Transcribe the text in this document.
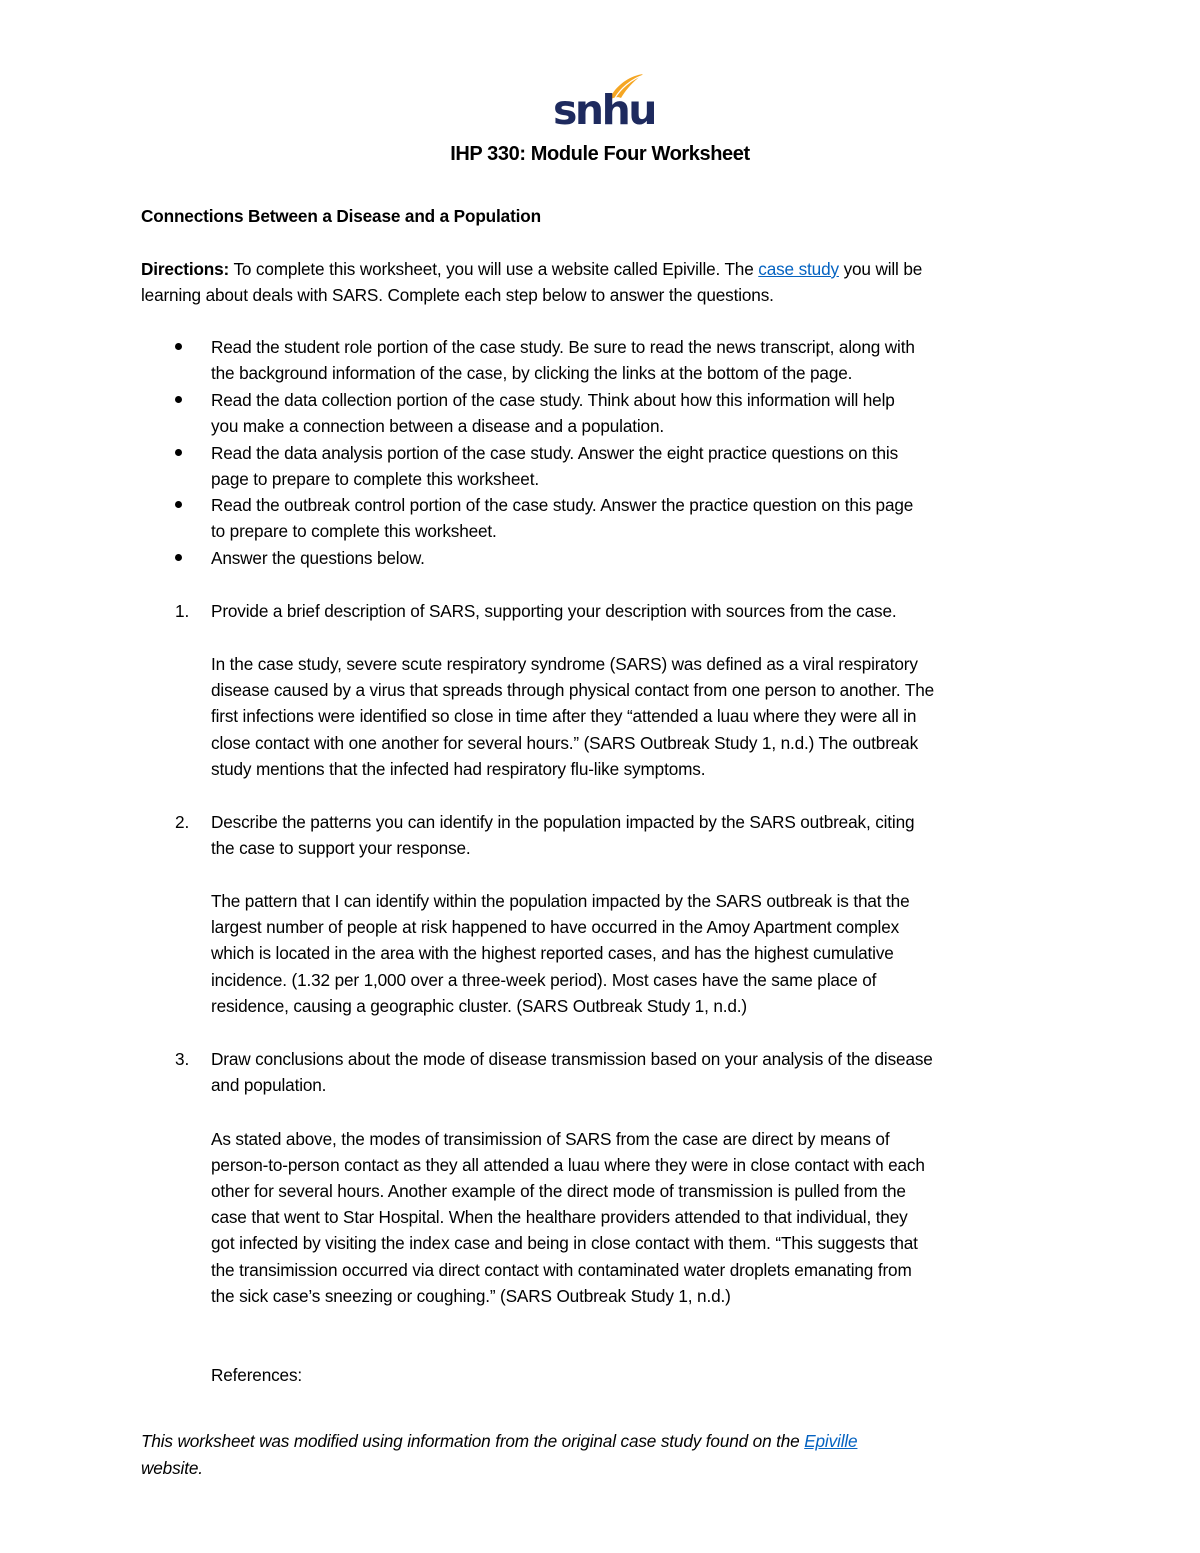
snhu
IHP 330: Module Four Worksheet
Connections Between a Disease and a Population
Directions: To complete this worksheet, you will use a website called Epiville. The case study you will be
learning about deals with SARS. Complete each step below to answer the questions.
Read the student role portion of the case study. Be sure to read the news transcript, along with
the background information of the case, by clicking the links at the bottom of the page.
Read the data collection portion of the case study. Think about how this information will help
you make a connection between a disease and a population.
Read the data analysis portion of the case study. Answer the eight practice questions on this
page to prepare to complete this worksheet.
Read the outbreak control portion of the case study. Answer the practice question on this page
to prepare to complete this worksheet.
Answer the questions below.
1. Provide a brief description of SARS, supporting your description with sources from the case.
In the case study, severe scute respiratory syndrome (SARS) was defined as a viral respiratory
disease caused by a virus that spreads through physical contact from one person to another. The
first infections were identified so close in time after they “attended a luau where they were all in
close contact with one another for several hours.” (SARS Outbreak Study 1, n.d.) The outbreak
study mentions that the infected had respiratory flu-like symptoms.
2. Describe the patterns you can identify in the population impacted by the SARS outbreak, citing
the case to support your response.
The pattern that I can identify within the population impacted by the SARS outbreak is that the
largest number of people at risk happened to have occurred in the Amoy Apartment complex
which is located in the area with the highest reported cases, and has the highest cumulative
incidence. (1.32 per 1,000 over a three-week period). Most cases have the same place of
residence, causing a geographic cluster. (SARS Outbreak Study 1, n.d.)
3. Draw conclusions about the mode of disease transmission based on your analysis of the disease
and population.
As stated above, the modes of transimission of SARS from the case are direct by means of
person-to-person contact as they all attended a luau where they were in close contact with each
other for several hours. Another example of the direct mode of transmission is pulled from the
case that went to Star Hospital. When the healthare providers attended to that individual, they
got infected by visiting the index case and being in close contact with them. “This suggests that
the transimission occurred via direct contact with contaminated water droplets emanating from
the sick case’s sneezing or coughing.” (SARS Outbreak Study 1, n.d.)
References:
This worksheet was modified using information from the original case study found on the Epiville
website.
